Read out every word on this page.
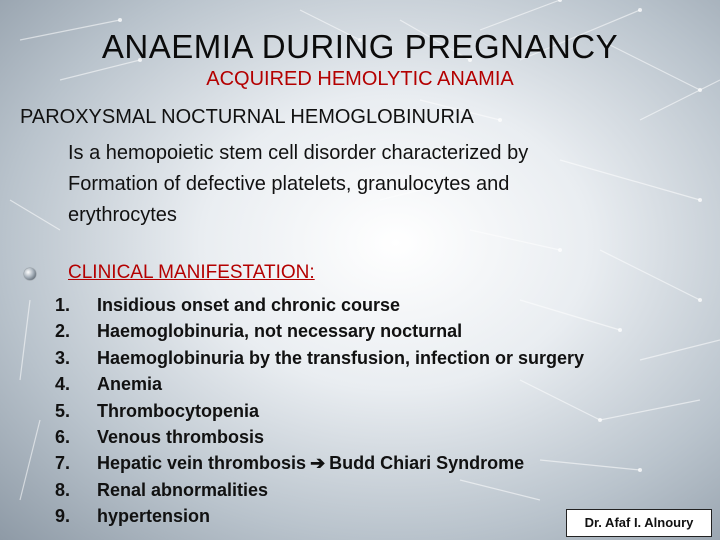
ANAEMIA DURING PREGNANCY
ACQUIRED HEMOLYTIC ANAMIA
PAROXYSMAL NOCTURNAL HEMOGLOBINURIA
Is a hemopoietic stem cell disorder characterized by
Formation of defective platelets, granulocytes and
erythrocytes
CLINICAL MANIFESTATION:
1.	Insidious onset and chronic course
2.	Haemoglobinuria, not necessary nocturnal
3.	Haemoglobinuria by the transfusion, infection or surgery
4.	Anemia
5.	Thrombocytopenia
6.	Venous thrombosis
7.	Hepatic vein thrombosis ➔ Budd Chiari Syndrome
8.	Renal abnormalities
9.	hypertension	Dr. Afaf I. Alnoury
